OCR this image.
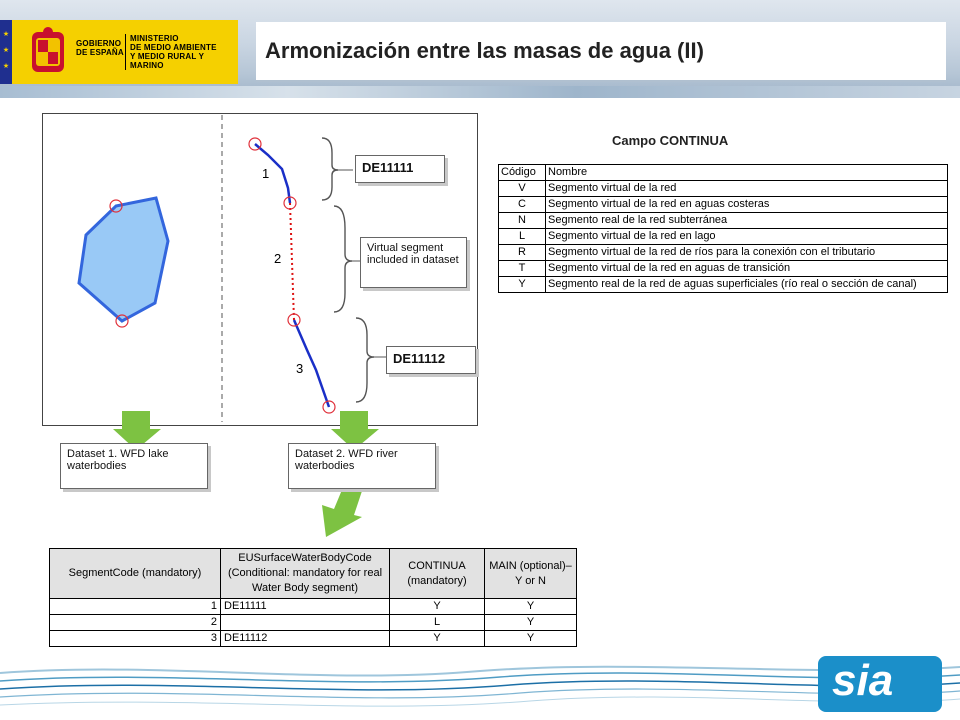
GOBIERNO
DE ESPAÑA
MINISTERIO
DE MEDIO AMBIENTE
Y MEDIO RURAL Y MARINO
★
★
★
Armonización entre las masas de agua (II)
1
2
3
DE11111
Virtual segment included in dataset
DE11112
Dataset 1. WFD lake waterbodies
Dataset 2. WFD river waterbodies
Campo CONTINUA
Código	Nombre
V	Segmento virtual de la red
C	Segmento virtual de la red en aguas costeras
N	Segmento real de la red subterránea
L	Segmento virtual de la red en lago
R	Segmento virtual de la red de ríos para la conexión con el tributario
T	Segmento virtual de la red en aguas de transición
Y	Segmento real de la red de aguas superficiales (río real o sección de canal)
SegmentCode (mandatory)	EUSurfaceWaterBodyCode (Conditional: mandatory for real Water Body segment)	CONTINUA (mandatory)	MAIN (optional)–Y or N
1	DE11111	Y	Y
2		L	Y
3	DE11112	Y	Y
sia
